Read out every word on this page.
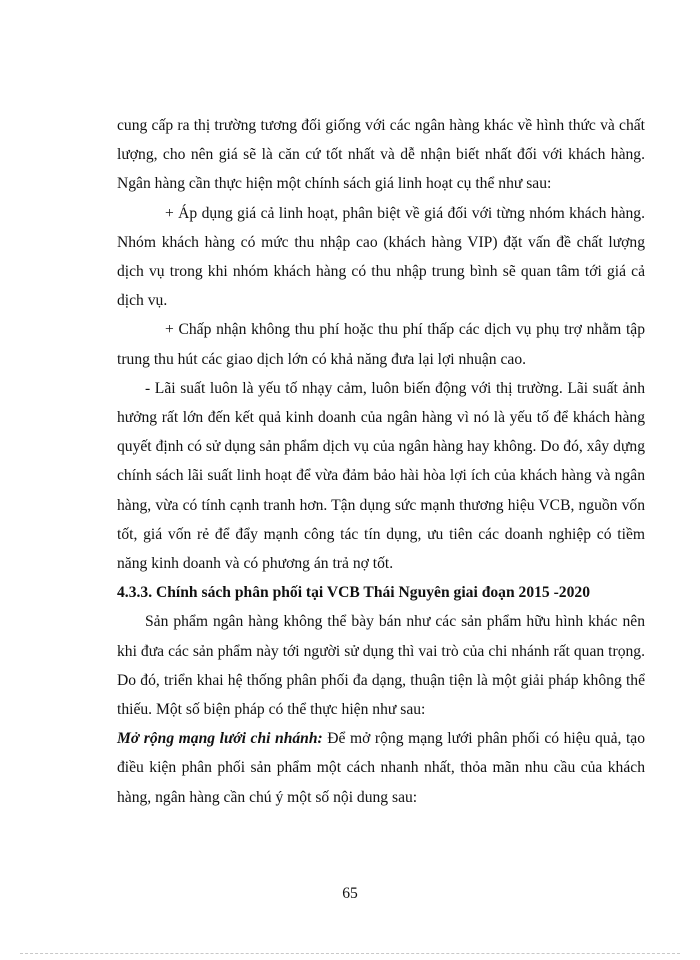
cung cấp ra thị trường tương đối giống với các ngân hàng khác về hình thức và chất lượng, cho nên giá sẽ là căn cứ tốt nhất và dễ nhận biết nhất đối với khách hàng. Ngân hàng cần thực hiện một chính sách giá linh hoạt cụ thể như sau:

+ Áp dụng giá cả linh hoạt, phân biệt về giá đối với từng nhóm khách hàng. Nhóm khách hàng có mức thu nhập cao (khách hàng VIP) đặt vấn đề chất lượng dịch vụ trong khi nhóm khách hàng có thu nhập trung bình sẽ quan tâm tới giá cả dịch vụ.

+ Chấp nhận không thu phí hoặc thu phí thấp các dịch vụ phụ trợ nhằm tập trung thu hút các giao dịch lớn có khả năng đưa lại lợi nhuận cao.

- Lãi suất luôn là yếu tố nhạy cảm, luôn biến động với thị trường. Lãi suất ảnh hưởng rất lớn đến kết quả kinh doanh của ngân hàng vì nó là yếu tố để khách hàng quyết định có sử dụng sản phẩm dịch vụ của ngân hàng hay không. Do đó, xây dựng chính sách lãi suất linh hoạt để vừa đảm bảo hài hòa lợi ích của khách hàng và ngân hàng, vừa có tính cạnh tranh hơn. Tận dụng sức mạnh thương hiệu VCB, nguồn vốn tốt, giá vốn rẻ để đẩy mạnh công tác tín dụng, ưu tiên các doanh nghiệp có tiềm năng kinh doanh và có phương án trả nợ tốt.

4.3.3. Chính sách phân phối tại VCB Thái Nguyên giai đoạn 2015 -2020

Sản phẩm ngân hàng không thể bày bán như các sản phẩm hữu hình khác nên khi đưa các sản phẩm này tới người sử dụng thì vai trò của chi nhánh rất quan trọng. Do đó, triển khai hệ thống phân phối đa dạng, thuận tiện là một giải pháp không thể thiếu. Một số biện pháp có thể thực hiện như sau:

Mở rộng mạng lưới chi nhánh: Để mở rộng mạng lưới phân phối có hiệu quả, tạo điều kiện phân phối sản phẩm một cách nhanh nhất, thỏa mãn nhu cầu của khách hàng, ngân hàng cần chú ý một số nội dung sau:

65
